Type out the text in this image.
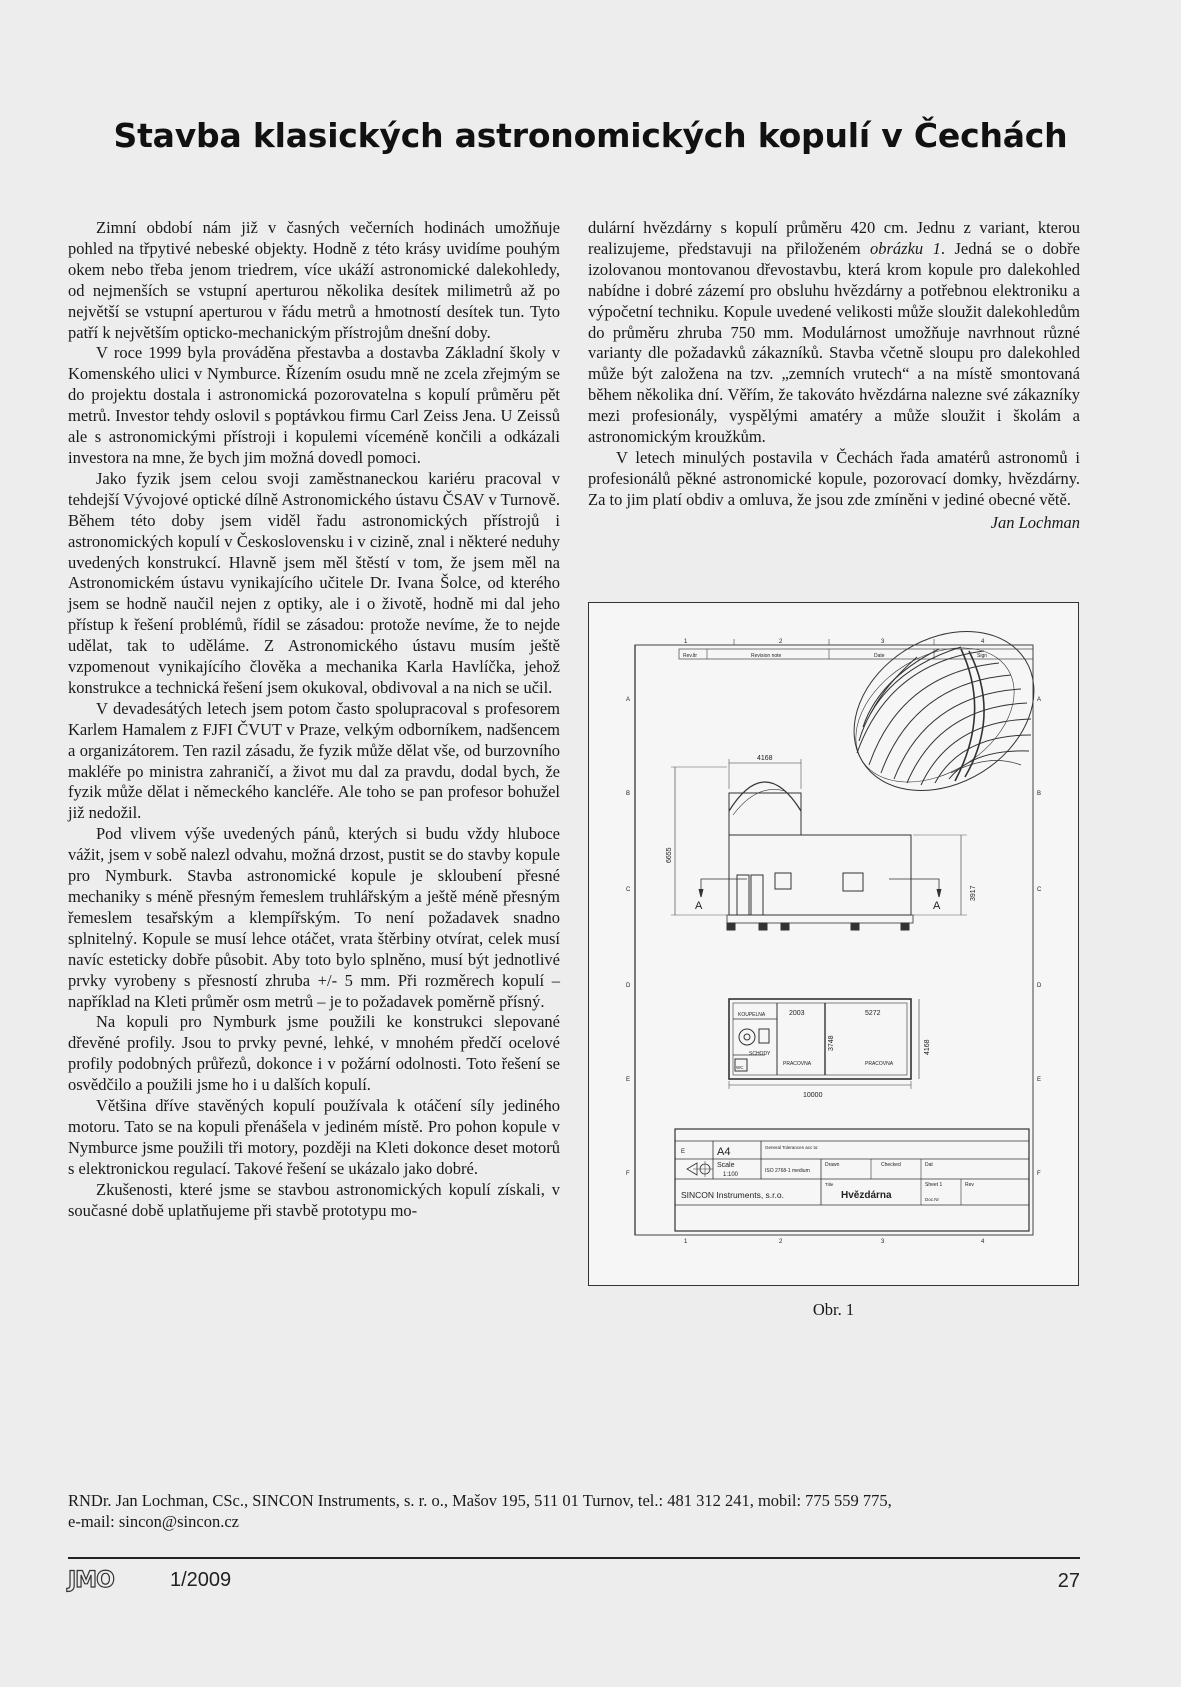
Stavba klasických astronomických kopulí v Čechách

Zimní období nám již v časných večerních hodinách umožňuje pohled na třpytivé nebeské objekty. Hodně z této krásy uvidíme pouhým okem nebo třeba jenom triedrem, více ukáží astronomické dalekohledy, od nejmenších se vstupní aperturou několika desítek milimetrů až po největší se vstupní aperturou v řádu metrů a hmotností desítek tun. Tyto patří k největším opticko-mechanickým přístrojům dnešní doby.

V roce 1999 byla prováděna přestavba a dostavba Základní školy v Komenského ulici v Nymburce. Řízením osudu mně ne zcela zřejmým se do projektu dostala i astronomická pozorovatelna s kopulí průměru pět metrů. Investor tehdy oslovil s poptávkou firmu Carl Zeiss Jena. U Zeissů ale s astronomickými přístroji i kopulemi víceméně končili a odkázali investora na mne, že bych jim možná dovedl pomoci.

Jako fyzik jsem celou svoji zaměstnaneckou kariéru pracoval v tehdejší Vývojové optické dílně Astronomického ústavu ČSAV v Turnově. Během této doby jsem viděl řadu astronomických přístrojů i astronomických kopulí v Československu i v cizině, znal i některé neduhy uvedených konstrukcí. Hlavně jsem měl štěstí v tom, že jsem měl na Astronomickém ústavu vynikajícího učitele Dr. Ivana Šolce, od kterého jsem se hodně naučil nejen z optiky, ale i o životě, hodně mi dal jeho přístup k řešení problémů, řídil se zásadou: protože nevíme, že to nejde udělat, tak to uděláme. Z Astronomického ústavu musím ještě vzpomenout vynikajícího člověka a mechanika Karla Havlíčka, jehož konstrukce a technická řešení jsem okukoval, obdivoval a na nich se učil.

V devadesátých letech jsem potom často spolupracoval s profesorem Karlem Hamalem z FJFI ČVUT v Praze, velkým odborníkem, nadšencem a organizátorem. Ten razil zásadu, že fyzik může dělat vše, od burzovního makléře po ministra zahraničí, a život mu dal za pravdu, dodal bych, že fyzik může dělat i německého kancléře. Ale toho se pan profesor bohužel již nedožil.

Pod vlivem výše uvedených pánů, kterých si budu vždy hluboce vážit, jsem v sobě nalezl odvahu, možná drzost, pustit se do stavby kopule pro Nymburk. Stavba astronomické kopule je skloubení přesné mechaniky s méně přesným řemeslem truhlářským a ještě méně přesným řemeslem tesařským a klempířským. To není požadavek snadno splnitelný. Kopule se musí lehce otáčet, vrata štěrbiny otvírat, celek musí navíc esteticky dobře působit. Aby toto bylo splněno, musí být jednotlivé prvky vyrobeny s přesností zhruba +/- 5 mm. Při rozměrech kopulí – například na Kleti průměr osm metrů – je to požadavek poměrně přísný.

Na kopuli pro Nymburk jsme použili ke konstrukci slepované dřevěné profily. Jsou to prvky pevné, lehké, v mnohém předčí ocelové profily podobných průřezů, dokonce i v požární odolnosti. Toto řešení se osvědčilo a použili jsme ho i u dalších kopulí.

Většina dříve stavěných kopulí používala k otáčení síly jediného motoru. Tato se na kopuli přenášela v jediném místě. Pro pohon kopule v Nymburce jsme použili tři motory, později na Kleti dokonce deset motorů s elektronickou regulací. Takové řešení se ukázalo jako dobré.

Zkušenosti, které jsme se stavbou astronomických kopulí získali, v současné době uplatňujeme při stavbě prototypu mo-

dulární hvězdárny s kopulí průměru 420 cm. Jednu z variant, kterou realizujeme, představuji na přiloženém obrázku 1. Jedná se o dobře izolovanou montovanou dřevostavbu, která krom kopule pro dalekohled nabídne i dobré zázemí pro obsluhu hvězdárny a potřebnou elektroniku a výpočetní techniku. Kopule uvedené velikosti může sloužit dalekohledům do průměru zhruba 750 mm. Modulárnost umožňuje navrhnout různé varianty dle požadavků zákazníků. Stavba včetně sloupu pro dalekohled může být založena na tzv. „zemních vrutech“ a na místě smontovaná během několika dní. Věřím, že takováto hvězdárna nalezne své zákazníky mezi profesionály, vyspělými amatéry a může sloužit i školám a astronomickým kroužkům.

V letech minulých postavila v Čechách řada amatérů astronomů i profesionálů pěkné astronomické kopule, pozorovací domky, hvězdárny. Za to jim platí obdiv a omluva, že jsou zde zmíněni v jediné obecné větě.

Jan Lochman
1	2	3	4
1	2	3	4
A
B
C
D
E
F
A
B
C
D
E
F
Rev.ltr	Revision note	Date	Sign
4168
6655
3917
A	A
KOUPELNA
SCHODY
WC
PRACOVNA	PRACOVNA
2003	5272
3748	4168
10000
E	A4	General Tolerances acc to:
ISO 2768-1 medium
Scale
1:100
Drawn	Checked	Dat
Sheet 1	Rev
Title
Hvězdárna	Doc.Nr
SINCON Instruments, s.r.o.
Obr. 1
RNDr. Jan Lochman, CSc., SINCON Instruments, s. r. o., Mašov 195, 511 01 Turnov, tel.: 481 312 241, mobil: 775 559 775,
e-mail: sincon@sincon.cz
JMO	1/2009	27
